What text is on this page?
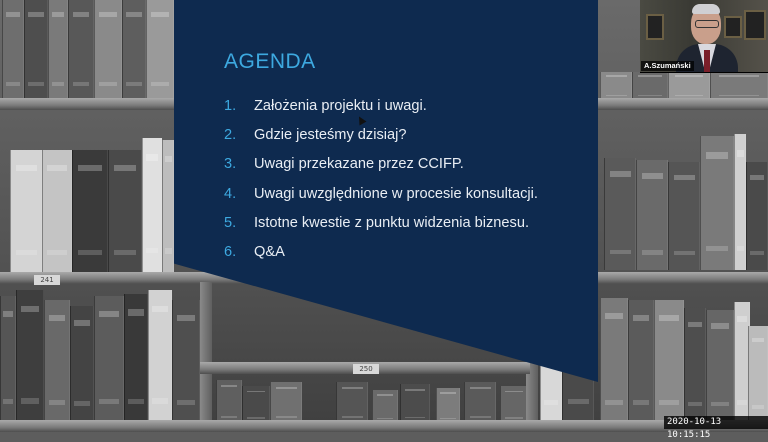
241
250
AGENDA
1.	Założenia projektu i uwagi.
2.	Gdzie jesteśmy dzisiaj?
3.	Uwagi przekazane przez CCIFP.
4.	Uwagi uwzględnione w procesie konsultacji.
5.	Istotne kwestie z punktu widzenia biznesu.
6.	Q&A
A.Szumański
2020-10-13 10:15:15
